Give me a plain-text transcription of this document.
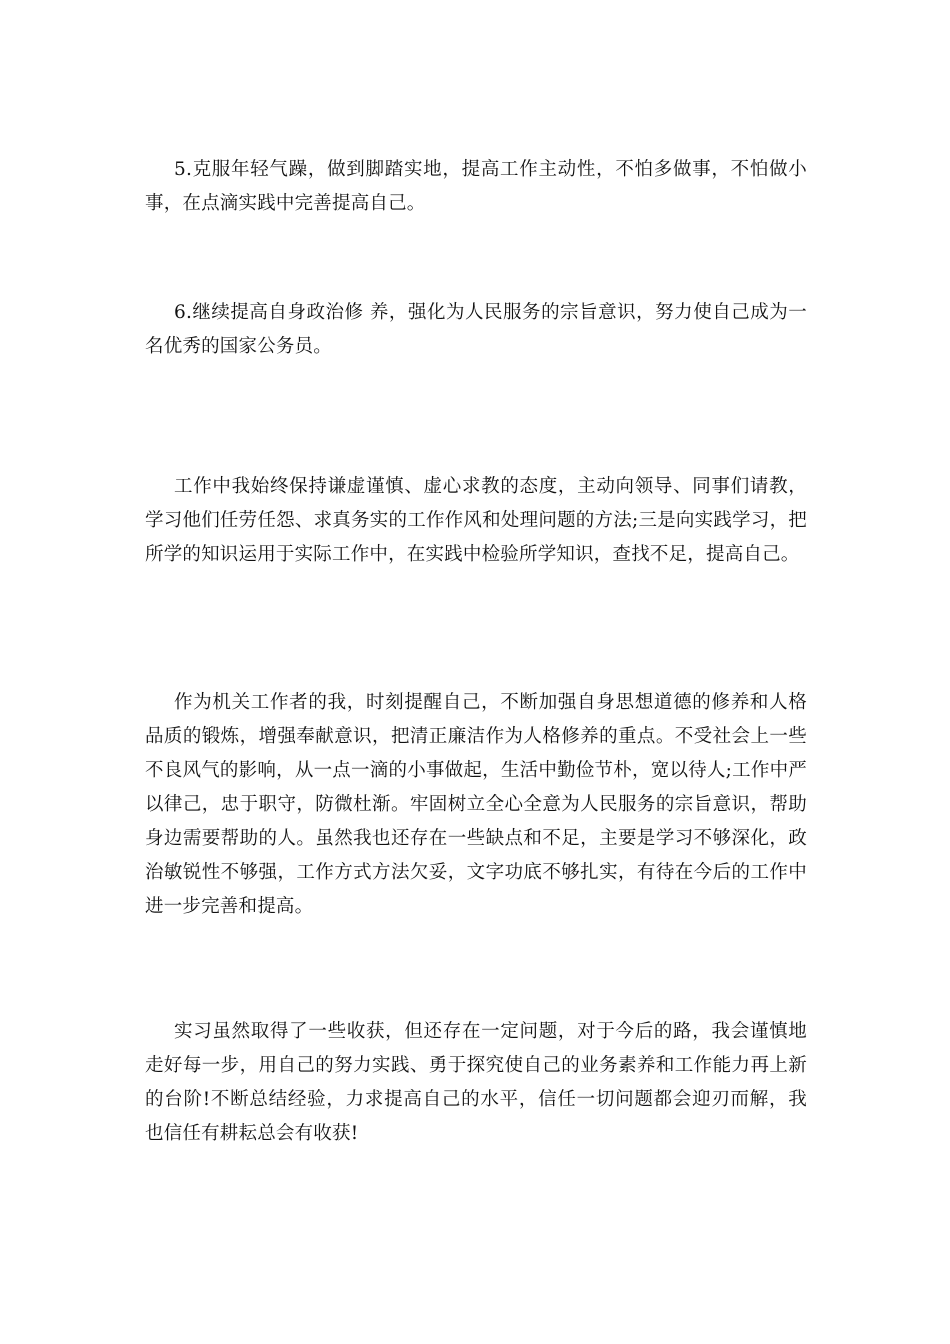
5.克服年轻气躁，做到脚踏实地，提高工作主动性，不怕多做事，不怕做小事，在点滴实践中完善提高自己。

6.继续提高自身政治修 养，强化为人民服务的宗旨意识，努力使自己成为一名优秀的国家公务员。

工作中我始终保持谦虚谨慎、虚心求教的态度，主动向领导、同事们请教，学习他们任劳任怨、求真务实的工作作风和处理问题的方法;三是向实践学习，把所学的知识运用于实际工作中，在实践中检验所学知识，查找不足，提高自己。

作为机关工作者的我，时刻提醒自己，不断加强自身思想道德的修养和人格品质的锻炼，增强奉献意识，把清正廉洁作为人格修养的重点。不受社会上一些不良风气的影响，从一点一滴的小事做起，生活中勤俭节朴，宽以待人;工作中严以律己，忠于职守，防微杜渐。牢固树立全心全意为人民服务的宗旨意识，帮助身边需要帮助的人。虽然我也还存在一些缺点和不足，主要是学习不够深化，政治敏锐性不够强，工作方式方法欠妥，文字功底不够扎实，有待在今后的工作中进一步完善和提高。

实习虽然取得了一些收获，但还存在一定问题，对于今后的路，我会谨慎地走好每一步，用自己的努力实践、勇于探究使自己的业务素养和工作能力再上新的台阶!不断总结经验，力求提高自己的水平，信任一切问题都会迎刃而解，我也信任有耕耘总会有收获!
